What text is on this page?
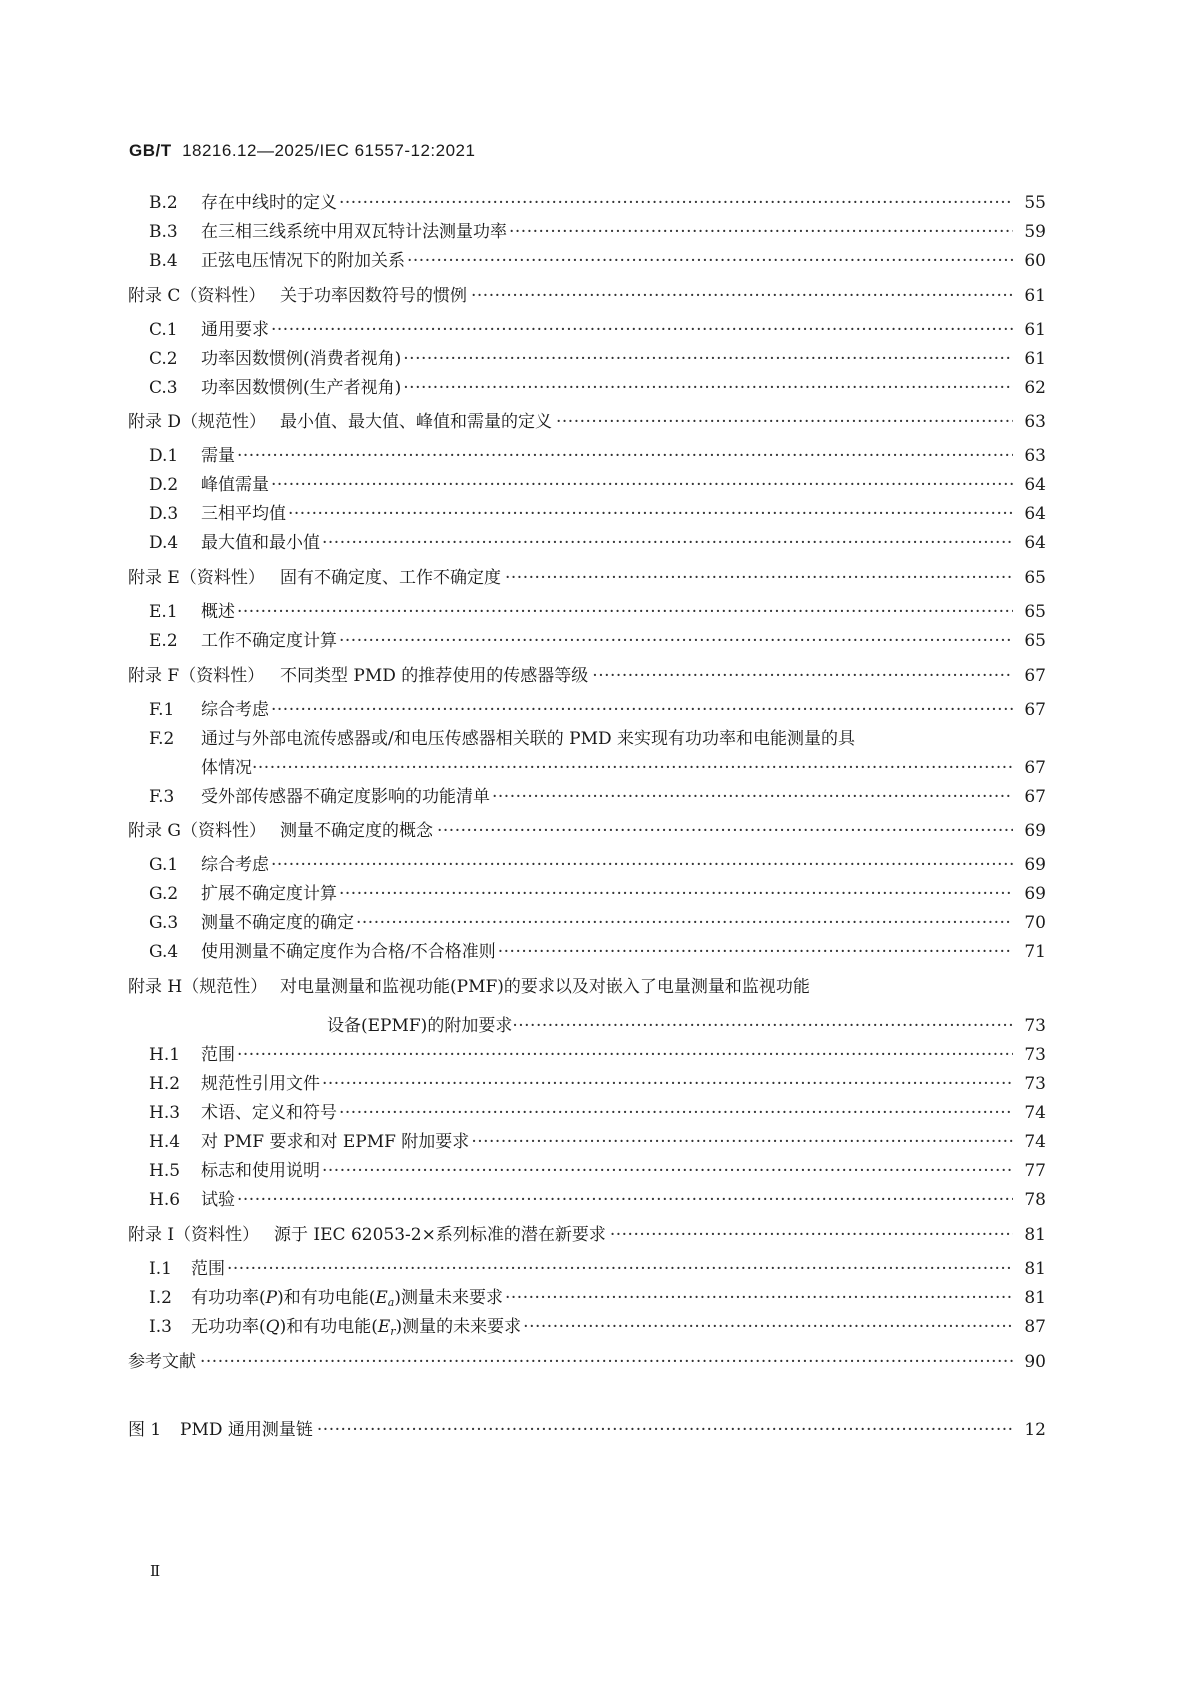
GB/T 18216.12—2025/IEC 61557-12:2021

B.2	存在中线时的定义 ·····	55
B.3	在三相三线系统中用双瓦特计法测量功率 ·····	59
B.4	正弦电压情况下的附加关系 ·····	60
附录 C（资料性） 关于功率因数符号的惯例 ·····	61
C.1	通用要求 ·····	61
C.2	功率因数惯例(消费者视角) ·····	61
C.3	功率因数惯例(生产者视角) ·····	62
附录 D（规范性） 最小值、最大值、峰值和需量的定义 ·····	63
D.1	需量 ·····	63
D.2	峰值需量 ·····	64
D.3	三相平均值 ·····	64
D.4	最大值和最小值 ·····	64
附录 E（资料性） 固有不确定度、工作不确定度 ·····	65
E.1	概述 ·····	65
E.2	工作不确定度计算 ·····	65
附录 F（资料性） 不同类型 PMD 的推荐使用的传感器等级 ·····	67
F.1	综合考虑 ·····	67
F.2	通过与外部电流传感器或/和电压传感器相关联的 PMD 来实现有功功率和电能测量的具
体情况 ·····	67
F.3	受外部传感器不确定度影响的功能清单 ·····	67
附录 G（资料性） 测量不确定度的概念 ·····	69
G.1	综合考虑 ·····	69
G.2	扩展不确定度计算 ·····	69
G.3	测量不确定度的确定 ·····	70
G.4	使用测量不确定度作为合格/不合格准则 ·····	71
附录 H（规范性） 对电量测量和监视功能(PMF)的要求以及对嵌入了电量测量和监视功能
设备(EPMF)的附加要求 ·····	73
H.1	范围 ·····	73
H.2	规范性引用文件 ·····	73
H.3	术语、定义和符号 ·····	74
H.4	对 PMF 要求和对 EPMF 附加要求 ·····	74
H.5	标志和使用说明 ·····	77
H.6	试验 ·····	78
附录 I（资料性） 源于 IEC 62053-2×系列标准的潜在新要求 ·····	81
I.1	范围 ·····	81
I.2	有功功率(P)和有功电能$(E_a)$测量未来要求 ·····	81
I.3	无功功率(Q)和有功电能$(E_r)$测量的未来要求 ·····	87
参考文献 ·····	90
图 1	PMD 通用测量链 ·····	12

Ⅱ
